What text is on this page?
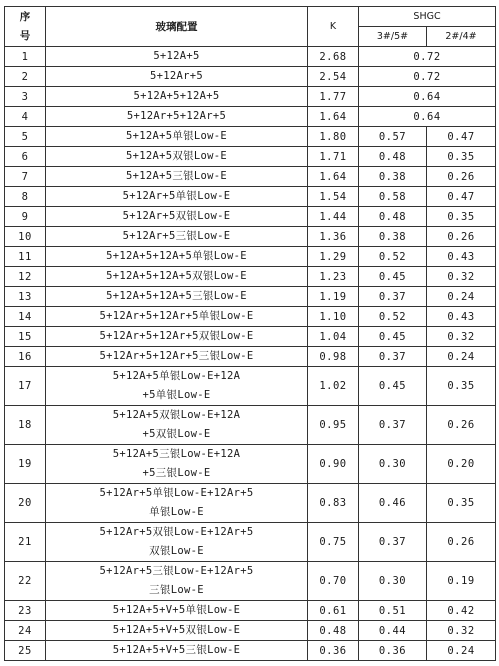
序
号	玻璃配置	K	SHGC	
			3#/5#	2#/4#
1	5+12A+5	2.68	0.72	
2	5+12Ar+5	2.54	0.72	
3	5+12A+5+12A+5	1.77	0.64	
4	5+12Ar+5+12Ar+5	1.64	0.64	
5	5+12A+5单银Low-E	1.80	0.57	0.47
6	5+12A+5双银Low-E	1.71	0.48	0.35
7	5+12A+5三银Low-E	1.64	0.38	0.26
8	5+12Ar+5单银Low-E	1.54	0.58	0.47
9	5+12Ar+5双银Low-E	1.44	0.48	0.35
10	5+12Ar+5三银Low-E	1.36	0.38	0.26
11	5+12A+5+12A+5单银Low-E	1.29	0.52	0.43
12	5+12A+5+12A+5双银Low-E	1.23	0.45	0.32
13	5+12A+5+12A+5三银Low-E	1.19	0.37	0.24
14	5+12Ar+5+12Ar+5单银Low-E	1.10	0.52	0.43
15	5+12Ar+5+12Ar+5双银Low-E	1.04	0.45	0.32
16	5+12Ar+5+12Ar+5三银Low-E	0.98	0.37	0.24
17	5+12A+5单银Low-E+12A
+5单银Low-E	1.02	0.45	0.35
18	5+12A+5双银Low-E+12A
+5双银Low-E	0.95	0.37	0.26
19	5+12A+5三银Low-E+12A
+5三银Low-E	0.90	0.30	0.20
20	5+12Ar+5单银Low-E+12Ar+5
单银Low-E	0.83	0.46	0.35
21	5+12Ar+5双银Low-E+12Ar+5
双银Low-E	0.75	0.37	0.26
22	5+12Ar+5三银Low-E+12Ar+5
三银Low-E	0.70	0.30	0.19
23	5+12A+5+V+5单银Low-E	0.61	0.51	0.42
24	5+12A+5+V+5双银Low-E	0.48	0.44	0.32
25	5+12A+5+V+5三银Low-E	0.36	0.36	0.24
